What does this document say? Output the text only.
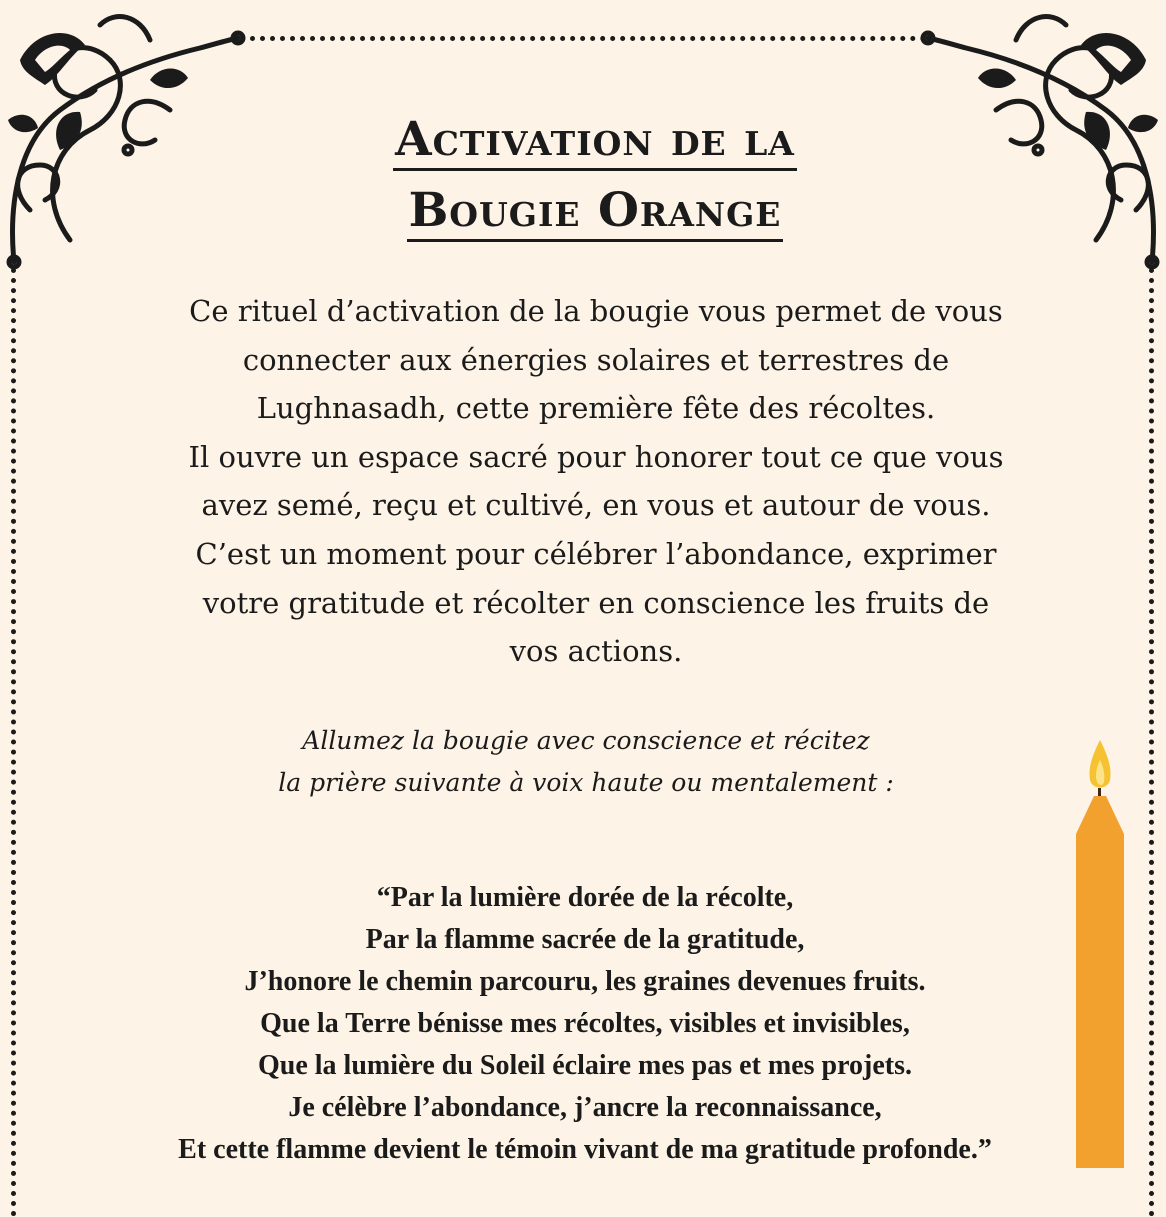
Activation de la
Bougie Orange

Ce rituel d’activation de la bougie vous permet de vous
connecter aux énergies solaires et terrestres de
Lughnasadh, cette première fête des récoltes.
Il ouvre un espace sacré pour honorer tout ce que vous
avez semé, reçu et cultivé, en vous et autour de vous.
C’est un moment pour célébrer l’abondance, exprimer
votre gratitude et récolter en conscience les fruits de
vos actions.

Allumez la bougie avec conscience et récitez
la prière suivante à voix haute ou mentalement :

“Par la lumière dorée de la récolte,
Par la flamme sacrée de la gratitude,
J’honore le chemin parcouru, les graines devenues fruits.
Que la Terre bénisse mes récoltes, visibles et invisibles,
Que la lumière du Soleil éclaire mes pas et mes projets.
Je célèbre l’abondance, j’ancre la reconnaissance,
Et cette flamme devient le témoin vivant de ma gratitude profonde.”
